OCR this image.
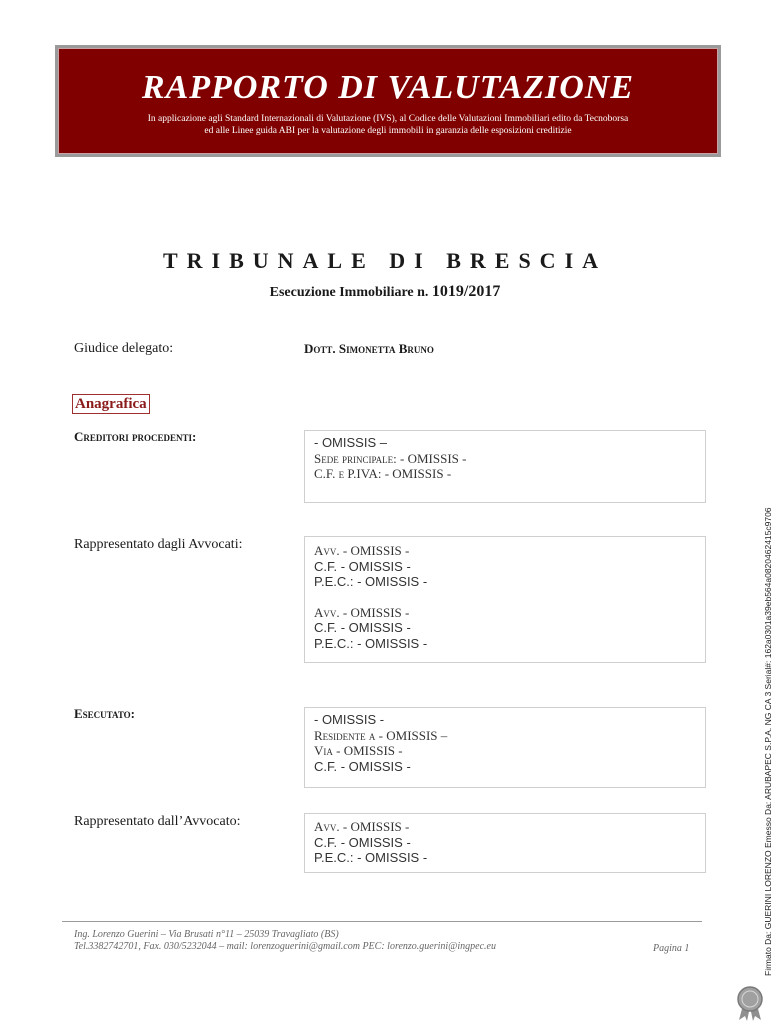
RAPPORTO DI VALUTAZIONE
In applicazione agli Standard Internazionali di Valutazione (IVS), al Codice delle Valutazioni Immobiliari edito da Tecnoborsa
ed alle Linee guida ABI per la valutazione degli immobili in garanzia delle esposizioni creditizie
TRIBUNALE DI BRESCIA
Esecuzione Immobiliare n. 1019/2017
Giudice delegato:	Dott. Simonetta Bruno
Anagrafica
Creditori procedenti:	- OMISSIS –
Sede principale: - OMISSIS -
C.F. e P.IVA: - OMISSIS -
Rappresentato dagli Avvocati:	Avv. - OMISSIS -
C.F. - OMISSIS -
P.E.C.: - OMISSIS -
Avv. - OMISSIS -
C.F. - OMISSIS -
P.E.C.: - OMISSIS -
Esecutato:	- OMISSIS -
Residente a - OMISSIS –
Via - OMISSIS -
C.F. - OMISSIS -
Rappresentato dall’Avvocato:	Avv. - OMISSIS -
C.F. - OMISSIS -
P.E.C.: - OMISSIS -
Ing. Lorenzo Guerini – Via Brusati n°11 – 25039 Travagliato (BS)
Tel.3382742701, Fax. 030/5232044 – mail: lorenzoguerini@gmail.com PEC: lorenzo.guerini@ingpec.eu	Pagina 1	Firmato Da: GUERINI LORENZO Emesso Da: ARUBAPEC S.P.A. NG CA 3 Serial#: 162a0301a39eb564a0820462415c9706
